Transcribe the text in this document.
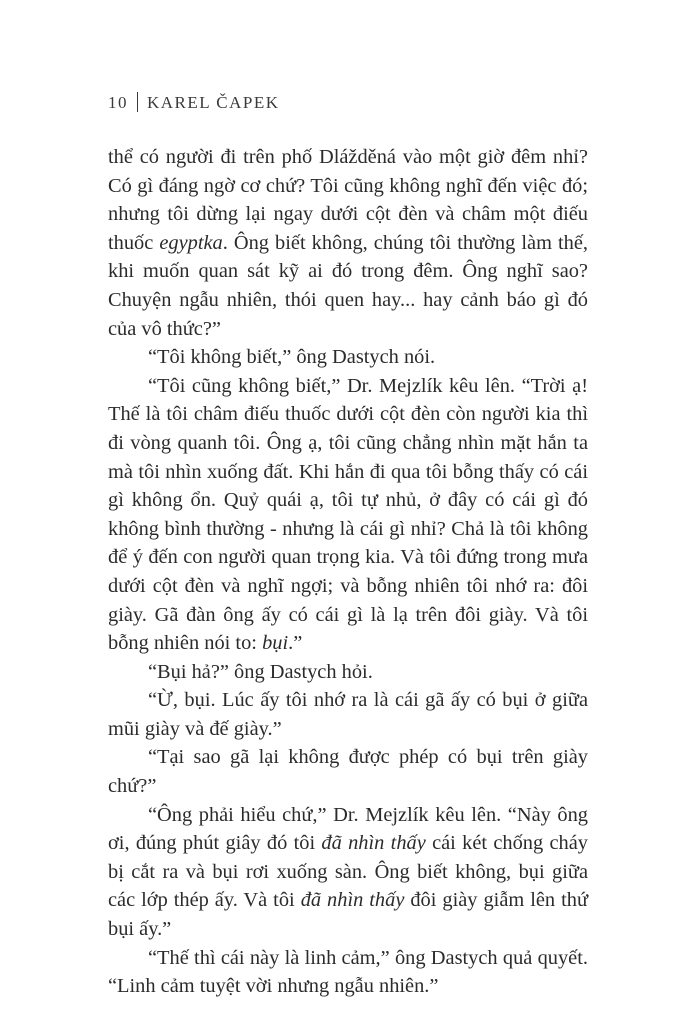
10 KAREL ČAPEK

thể có người đi trên phố Dlážděná vào một giờ đêm nhỉ? Có gì đáng ngờ cơ chứ? Tôi cũng không nghĩ đến việc đó; nhưng tôi dừng lại ngay dưới cột đèn và châm một điếu thuốc egyptka. Ông biết không, chúng tôi thường làm thế, khi muốn quan sát kỹ ai đó trong đêm. Ông nghĩ sao? Chuyện ngẫu nhiên, thói quen hay... hay cảnh báo gì đó của vô thức?”

“Tôi không biết,” ông Dastych nói.

“Tôi cũng không biết,” Dr. Mejzlík kêu lên. “Trời ạ! Thế là tôi châm điếu thuốc dưới cột đèn còn người kia thì đi vòng quanh tôi. Ông ạ, tôi cũng chẳng nhìn mặt hắn ta mà tôi nhìn xuống đất. Khi hắn đi qua tôi bỗng thấy có cái gì không ổn. Quỷ quái ạ, tôi tự nhủ, ở đây có cái gì đó không bình thường - nhưng là cái gì nhỉ? Chả là tôi không để ý đến con người quan trọng kia. Và tôi đứng trong mưa dưới cột đèn và nghĩ ngợi; và bỗng nhiên tôi nhớ ra: đôi giày. Gã đàn ông ấy có cái gì là lạ trên đôi giày. Và tôi bỗng nhiên nói to: bụi.”

“Bụi hả?” ông Dastych hỏi.

“Ừ, bụi. Lúc ấy tôi nhớ ra là cái gã ấy có bụi ở giữa mũi giày và đế giày.”

“Tại sao gã lại không được phép có bụi trên giày chứ?”

“Ông phải hiểu chứ,” Dr. Mejzlík kêu lên. “Này ông ơi, đúng phút giây đó tôi đã nhìn thấy cái két chống cháy bị cắt ra và bụi rơi xuống sàn. Ông biết không, bụi giữa các lớp thép ấy. Và tôi đã nhìn thấy đôi giày giẫm lên thứ bụi ấy.”

“Thế thì cái này là linh cảm,” ông Dastych quả quyết. “Linh cảm tuyệt vời nhưng ngẫu nhiên.”
